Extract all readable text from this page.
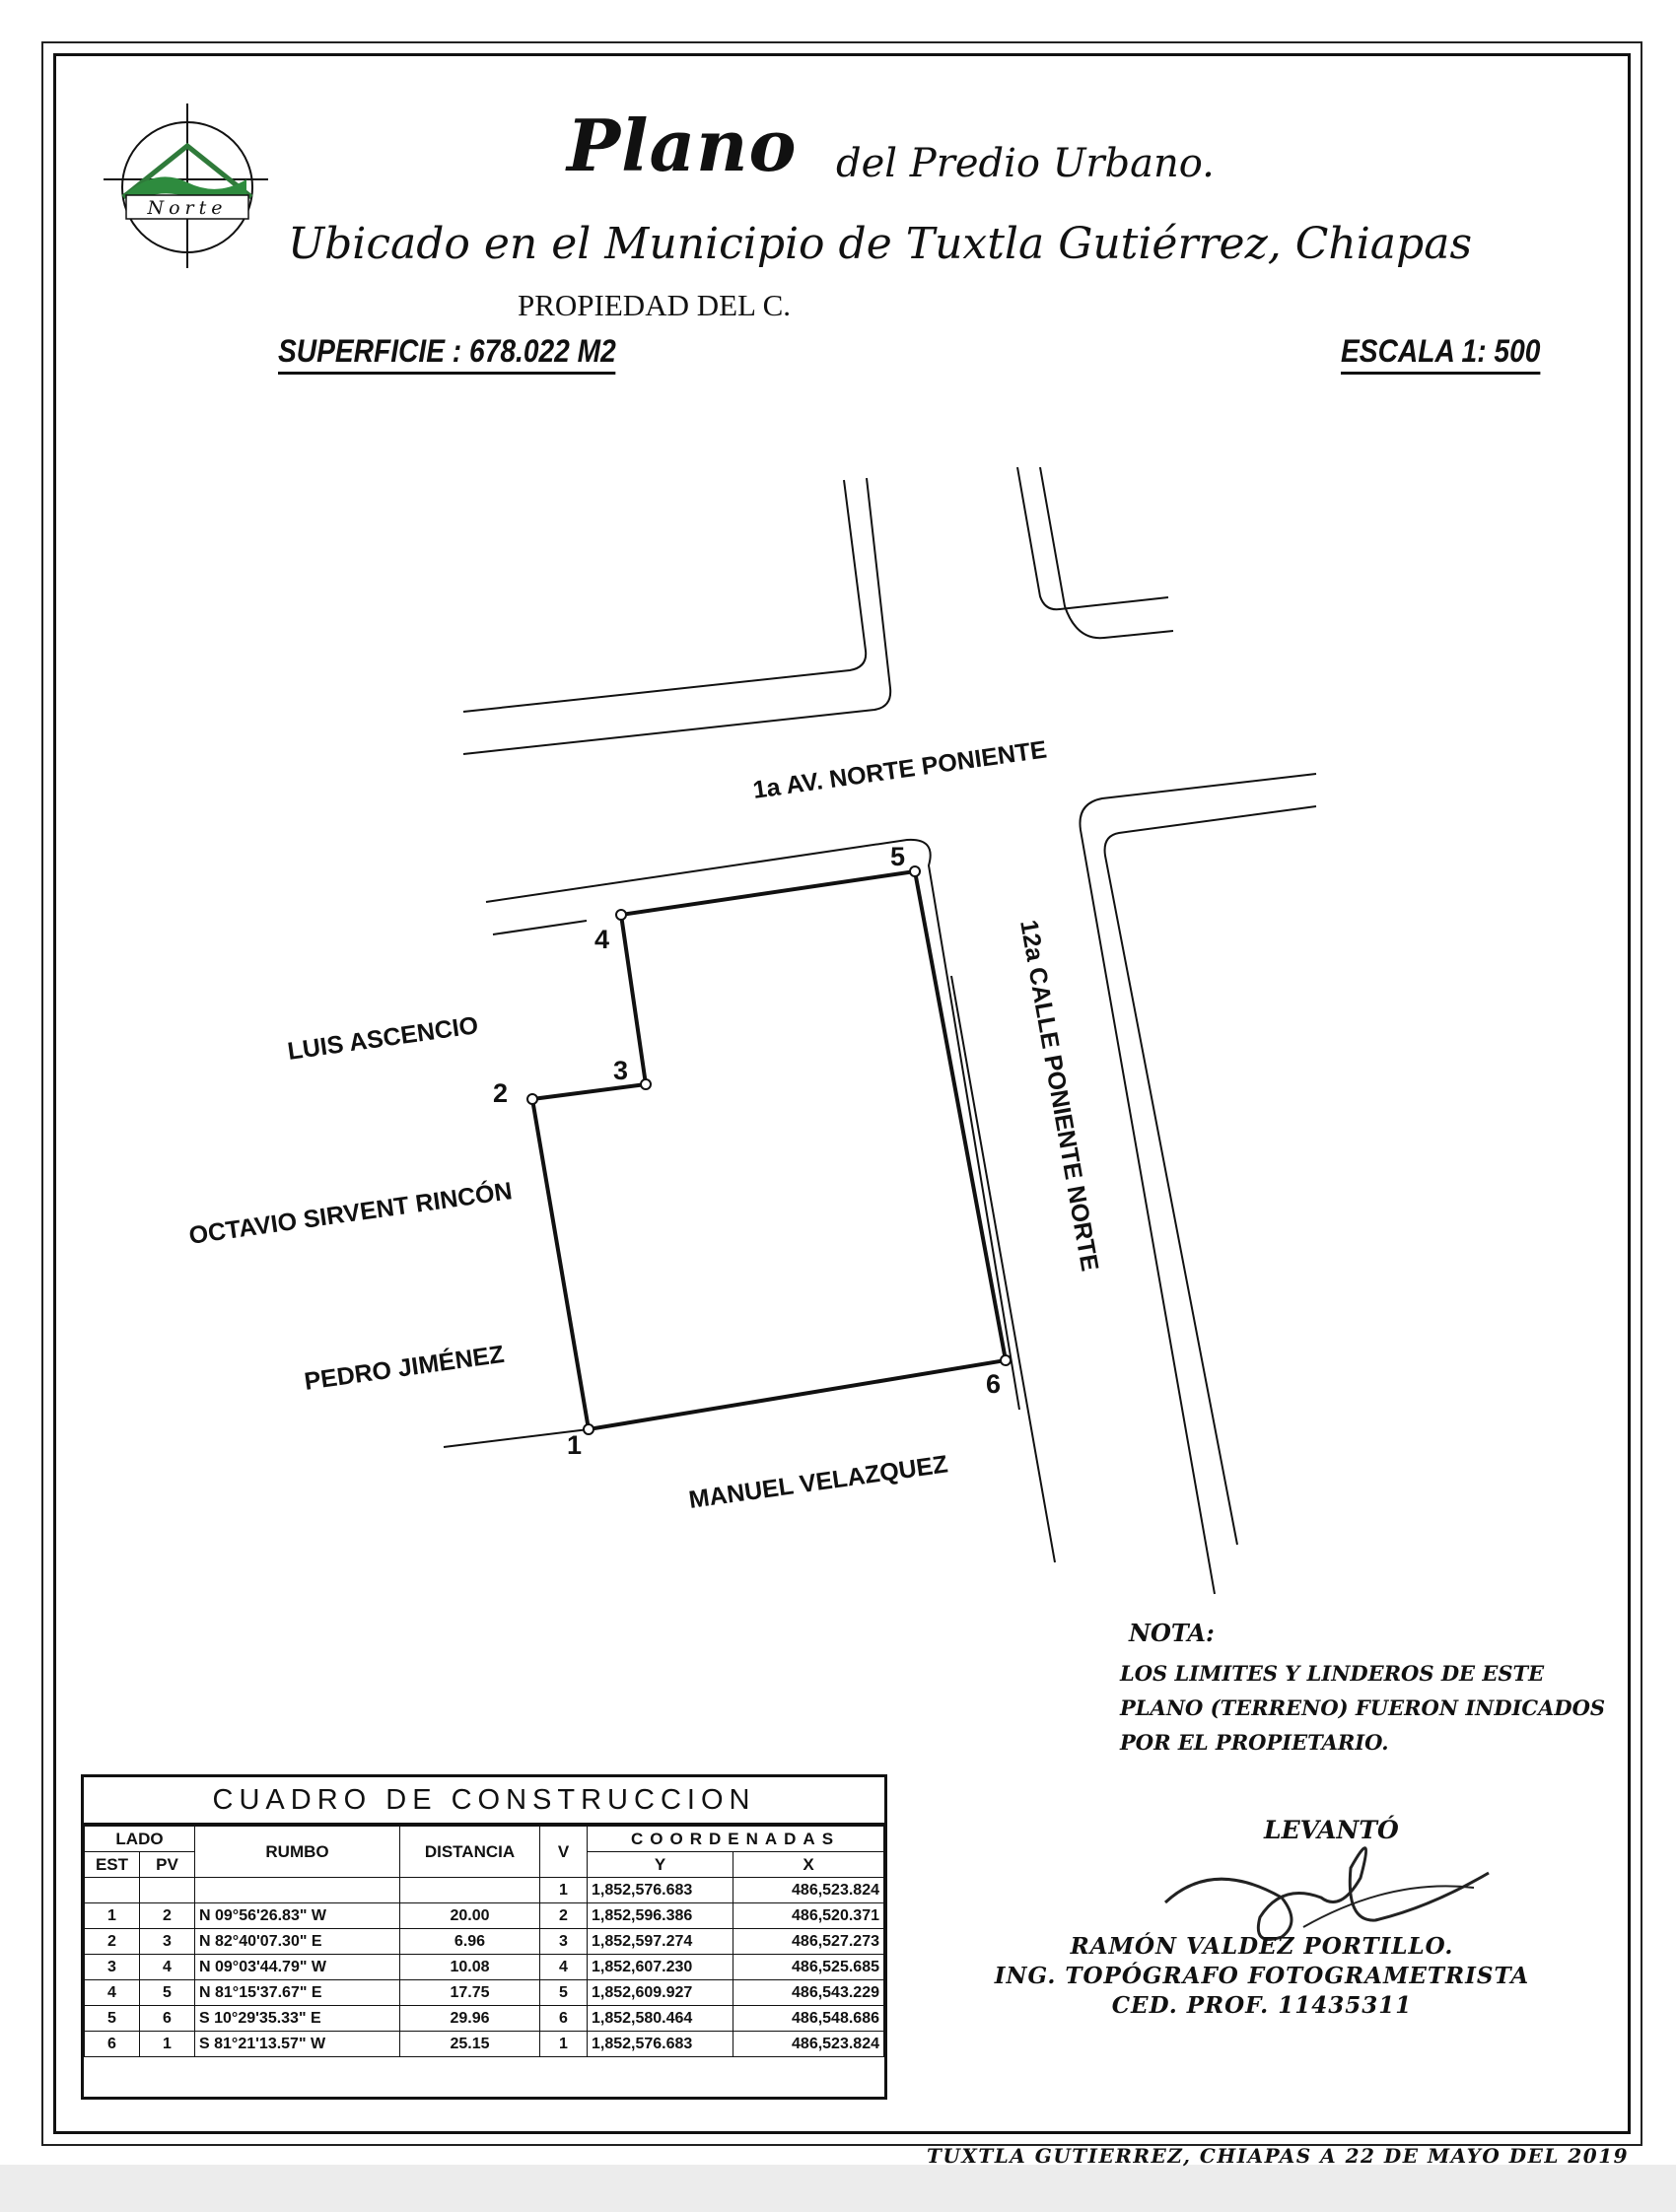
Norte
Plano del Predio Urbano.
Ubicado en el Municipio de Tuxtla Gutiérrez, Chiapas
PROPIEDAD DEL C.
SUPERFICIE : 678.022 M2	ESCALA 1: 500
1
2
3
4
5
6
1a AV. NORTE PONIENTE
12a CALLE PONIENTE NORTE
LUIS ASCENCIO
OCTAVIO SIRVENT RINCÓN
PEDRO JIMÉNEZ
MANUEL VELAZQUEZ
NOTA:
LOS LIMITES Y LINDEROS DE ESTE
PLANO (TERRENO) FUERON INDICADOS
POR EL PROPIETARIO.
LEVANTÓ
RAMÓN VALDEZ PORTILLO.
ING. TOPÓGRAFO FOTOGRAMETRISTA
CED. PROF. 11435311
TUXTLA GUTIERREZ, CHIAPAS A 22 DE MAYO DEL 2019
CUADRO DE CONSTRUCCION
LADO		RUMBO	DISTANCIA	V	COORDENADAS	
EST	PV				Y	X
				1	1,852,576.683	486,523.824
1	2	N 09°56'26.83" W	20.00	2	1,852,596.386	486,520.371
2	3	N 82°40'07.30" E	6.96	3	1,852,597.274	486,527.273
3	4	N 09°03'44.79" W	10.08	4	1,852,607.230	486,525.685
4	5	N 81°15'37.67" E	17.75	5	1,852,609.927	486,543.229
5	6	S 10°29'35.33" E	29.96	6	1,852,580.464	486,548.686
6	1	S 81°21'13.57" W	25.15	1	1,852,576.683	486,523.824
